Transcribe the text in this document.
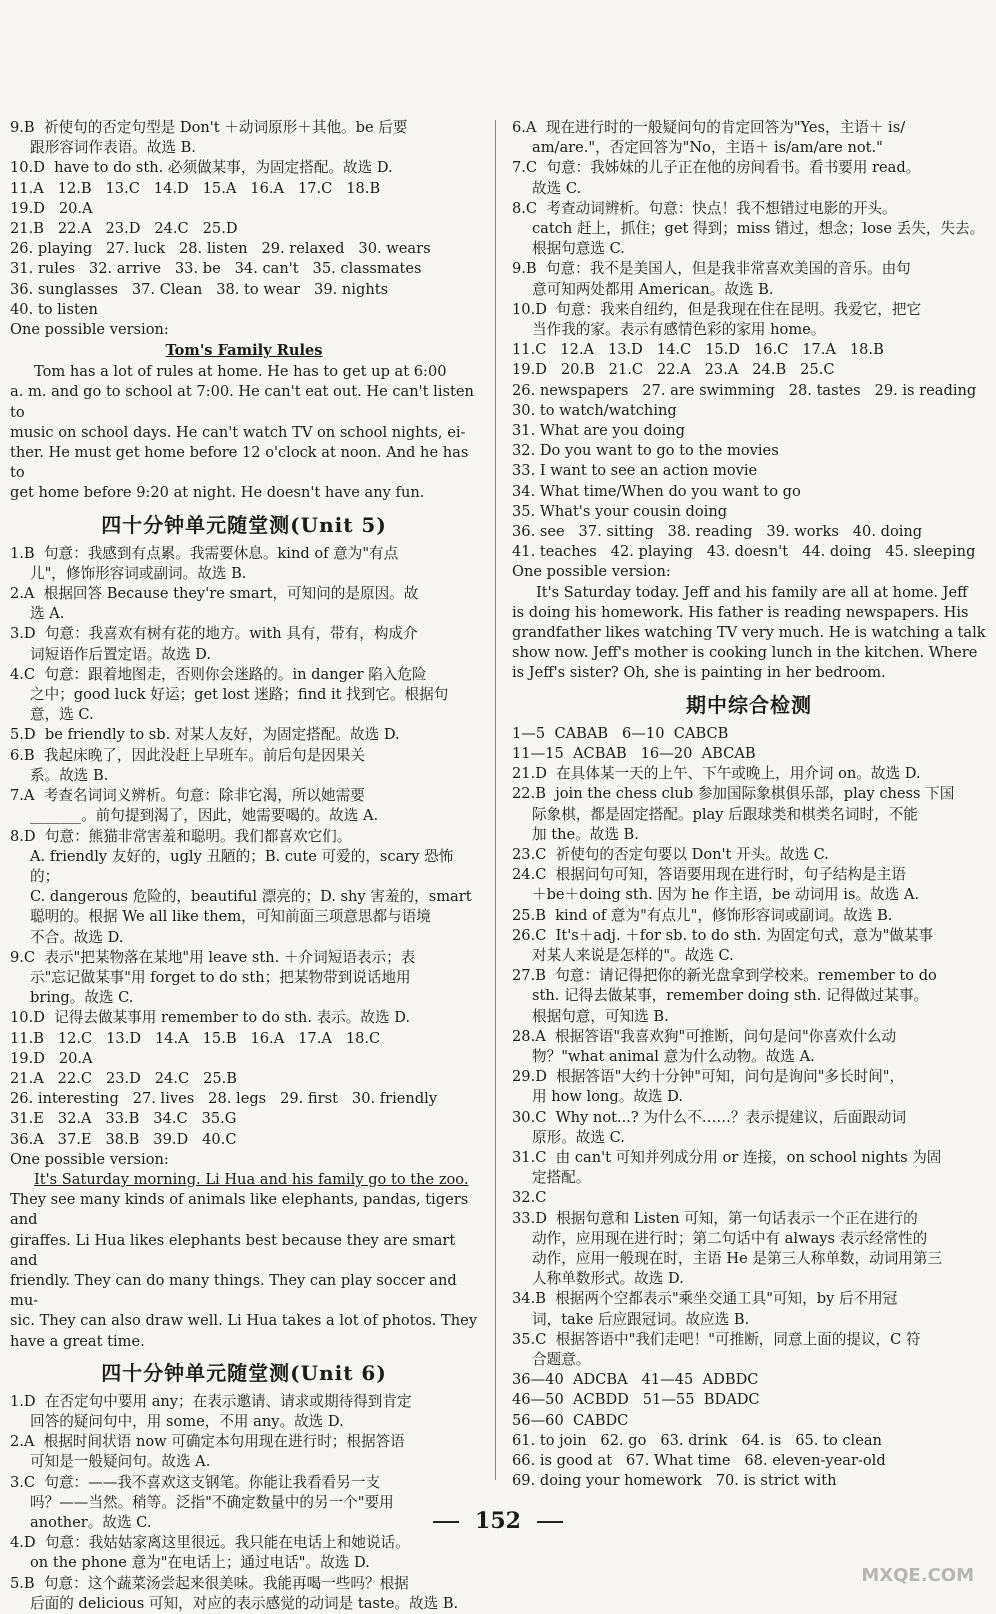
9.B  祈使句的否定句型是 Don't ＋动词原形＋其他。be 后要
跟形容词作表语。故选 B.
10.D  have to do sth. 必须做某事，为固定搭配。故选 D.
11.A   12.B   13.C   14.D   15.A   16.A   17.C   18.B
19.D   20.A
21.B   22.A   23.D   24.C   25.D
26. playing   27. luck   28. listen   29. relaxed   30. wears
31. rules   32. arrive   33. be   34. can't   35. classmates
36. sunglasses   37. Clean   38. to wear   39. nights
40. to listen
One possible version:
Tom's Family Rules
Tom has a lot of rules at home. He has to get up at 6:00
a. m. and go to school at 7:00. He can't eat out. He can't listen to
music on school days. He can't watch TV on school nights, ei-
ther. He must get home before 12 o'clock at noon. And he has to
get home before 9:20 at night. He doesn't have any fun.
四十分钟单元随堂测(Unit 5)
1.B  句意：我感到有点累。我需要休息。kind of 意为"有点
儿"，修饰形容词或副词。故选 B.
2.A  根据回答 Because they're smart，可知问的是原因。故
选 A.
3.D  句意：我喜欢有树有花的地方。with 具有，带有，构成介
词短语作后置定语。故选 D.
4.C  句意：跟着地图走，否则你会迷路的。in danger 陷入危险
之中；good luck 好运；get lost 迷路；find it 找到它。根据句
意，选 C.
5.D  be friendly to sb. 对某人友好，为固定搭配。故选 D.
6.B  我起床晚了，因此没赶上早班车。前后句是因果关
系。故选 B.
7.A  考查名词词义辨析。句意：除非它渴，所以她需要
_______。前句提到渴了，因此，她需要喝的。故选 A.
8.D  句意：熊猫非常害羞和聪明。我们都喜欢它们。
A. friendly 友好的，ugly 丑陋的；B. cute 可爱的，scary 恐怖的；
C. dangerous 危险的，beautiful 漂亮的；D. shy 害羞的，smart
聪明的。根据 We all like them，可知前面三项意思都与语境
不合。故选 D.
9.C  表示"把某物落在某地"用 leave sth. ＋介词短语表示；表
示"忘记做某事"用 forget to do sth；把某物带到说话地用
bring。故选 C.
10.D  记得去做某事用 remember to do sth. 表示。故选 D.
11.B   12.C   13.D   14.A   15.B   16.A   17.A   18.C
19.D   20.A
21.A   22.C   23.D   24.C   25.B
26. interesting   27. lives   28. legs   29. first   30. friendly
31.E   32.A   33.B   34.C   35.G
36.A   37.E   38.B   39.D   40.C
One possible version:
It's Saturday morning. Li Hua and his family go to the zoo.
They see many kinds of animals like elephants, pandas, tigers and
giraffes. Li Hua likes elephants best because they are smart and
friendly. They can do many things. They can play soccer and mu-
sic. They can also draw well. Li Hua takes a lot of photos. They
have a great time.
四十分钟单元随堂测(Unit 6)
1.D  在否定句中要用 any；在表示邀请、请求或期待得到肯定
回答的疑问句中，用 some，不用 any。故选 D.
2.A  根据时间状语 now 可确定本句用现在进行时；根据答语
可知是一般疑问句。故选 A.
3.C  句意：——我不喜欢这支钢笔。你能让我看看另一支
吗？——当然。稍等。泛指"不确定数量中的另一个"要用
another。故选 C.
4.D  句意：我姑姑家离这里很远。我只能在电话上和她说话。
on the phone 意为"在电话上；通过电话"。故选 D.
5.B  句意：这个蔬菜汤尝起来很美味。我能再喝一些吗？根据
后面的 delicious 可知，对应的表示感觉的动词是 taste。故选 B.
6.A  现在进行时的一般疑问句的肯定回答为"Yes，主语＋ is/
am/are."，否定回答为"No，主语＋ is/am/are not."
7.C  句意：我姊妹的儿子正在他的房间看书。看书要用 read。
故选 C.
8.C  考查动词辨析。句意：快点！我不想错过电影的开头。
catch 赶上，抓住；get 得到；miss 错过，想念；lose 丢失，失去。
根据句意选 C.
9.B  句意：我不是美国人，但是我非常喜欢美国的音乐。由句
意可知两处都用 American。故选 B.
10.D  句意：我来自纽约，但是我现在住在昆明。我爱它，把它
当作我的家。表示有感情色彩的家用 home。
11.C   12.A   13.D   14.C   15.D   16.C   17.A   18.B
19.D   20.B   21.C   22.A   23.A   24.B   25.C
26. newspapers   27. are swimming   28. tastes   29. is reading
30. to watch/watching
31. What are you doing
32. Do you want to go to the movies
33. I want to see an action movie
34. What time/When do you want to go
35. What's your cousin doing
36. see   37. sitting   38. reading   39. works   40. doing
41. teaches   42. playing   43. doesn't   44. doing   45. sleeping
One possible version:
It's Saturday today. Jeff and his family are all at home. Jeff
is doing his homework. His father is reading newspapers. His
grandfather likes watching TV very much. He is watching a talk
show now. Jeff's mother is cooking lunch in the kitchen. Where
is Jeff's sister? Oh, she is painting in her bedroom.
期中综合检测
1—5  CABAB   6—10  CABCB
11—15  ACBAB   16—20  ABCAB
21.D  在具体某一天的上午、下午或晚上，用介词 on。故选 D.
22.B  join the chess club 参加国际象棋俱乐部，play chess 下国
际象棋，都是固定搭配。play 后跟球类和棋类名词时，不能
加 the。故选 B.
23.C  祈使句的否定句要以 Don't 开头。故选 C.
24.C  根据问句可知，答语要用现在进行时，句子结构是主语
＋be＋doing sth. 因为 he 作主语，be 动词用 is。故选 A.
25.B  kind of 意为"有点儿"，修饰形容词或副词。故选 B.
26.C  It's＋adj. ＋for sb. to do sth. 为固定句式，意为"做某事
对某人来说是怎样的"。故选 C.
27.B  句意：请记得把你的新光盘拿到学校来。remember to do
sth. 记得去做某事，remember doing sth. 记得做过某事。
根据句意，可知选 B.
28.A  根据答语"我喜欢狗"可推断，问句是问"你喜欢什么动
物？"what animal 意为什么动物。故选 A.
29.D  根据答语"大约十分钟"可知，问句是询问"多长时间"，
用 how long。故选 D.
30.C  Why not...? 为什么不……？表示提建议，后面跟动词
原形。故选 C.
31.C  由 can't 可知并列成分用 or 连接，on school nights 为固
定搭配。
32.C
33.D  根据句意和 Listen 可知，第一句话表示一个正在进行的
动作，应用现在进行时；第二句话中有 always 表示经常性的
动作，应用一般现在时，主语 He 是第三人称单数，动词用第三
人称单数形式。故选 D.
34.B  根据两个空都表示"乘坐交通工具"可知，by 后不用冠
词，take 后应跟冠词。故应选 B.
35.C  根据答语中"我们走吧！"可推断，同意上面的提议，C 符
合题意。
36—40  ADCBA   41—45  ADBDC
46—50  ACBDD   51—55  BDADC
56—60  CABDC
61. to join   62. go   63. drink   64. is   65. to clean
66. is good at   67. What time   68. eleven-year-old
69. doing your homework   70. is strict with
152
MXQE.COM
